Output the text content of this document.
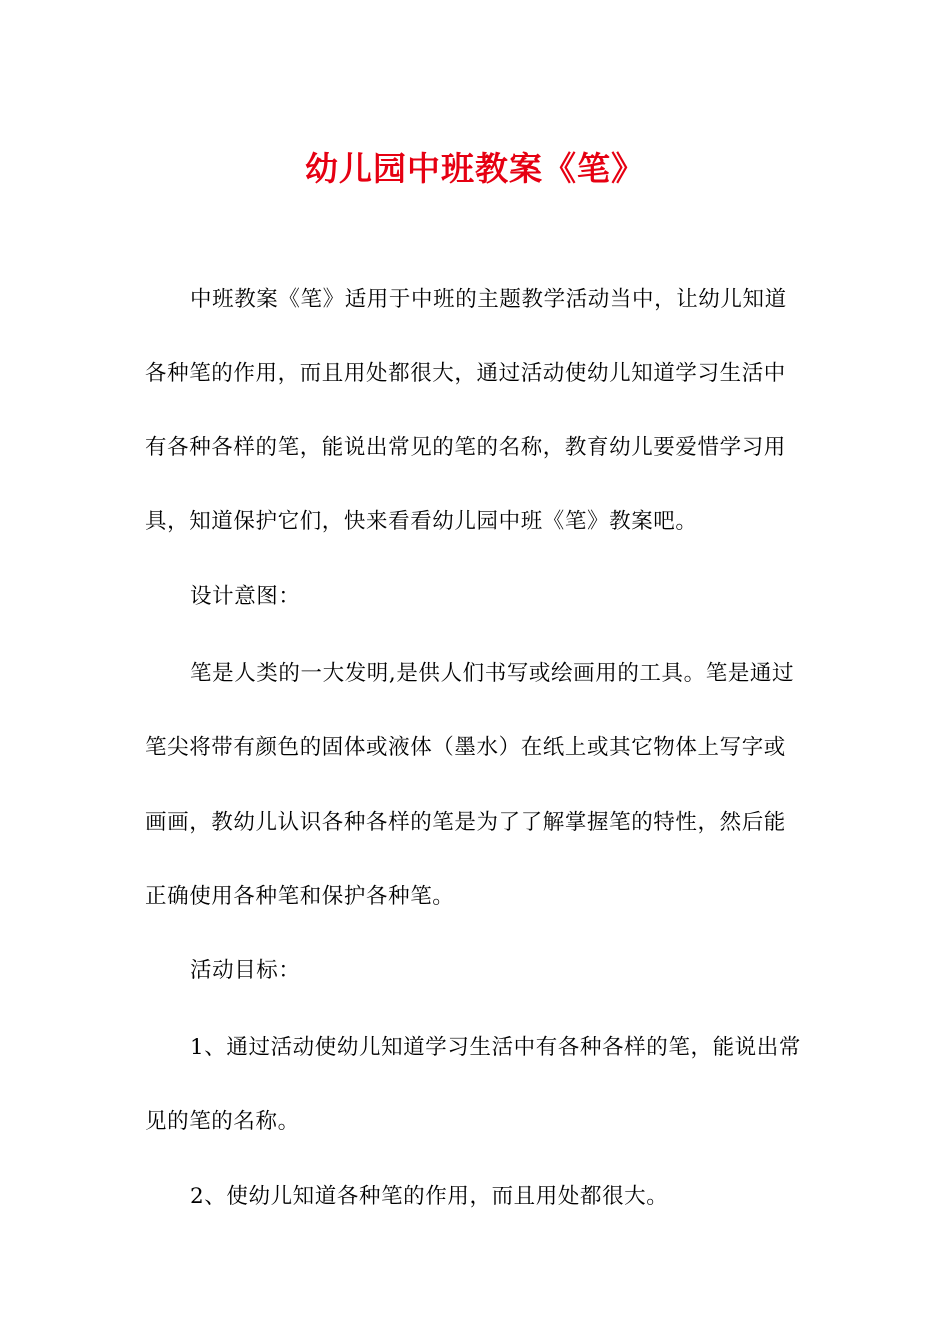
幼儿园中班教案《笔》
中班教案《笔》适用于中班的主题教学活动当中，让幼儿知道
各种笔的作用，而且用处都很大，通过活动使幼儿知道学习生活中
有各种各样的笔，能说出常见的笔的名称，教育幼儿要爱惜学习用
具，知道保护它们，快来看看幼儿园中班《笔》教案吧。
设计意图：
笔是人类的一大发明,是供人们书写或绘画用的工具。笔是通过
笔尖将带有颜色的固体或液体（墨水）在纸上或其它物体上写字或
画画，教幼儿认识各种各样的笔是为了了解掌握笔的特性，然后能
正确使用各种笔和保护各种笔。
活动目标：
1、通过活动使幼儿知道学习生活中有各种各样的笔，能说出常
见的笔的名称。
2、使幼儿知道各种笔的作用，而且用处都很大。
